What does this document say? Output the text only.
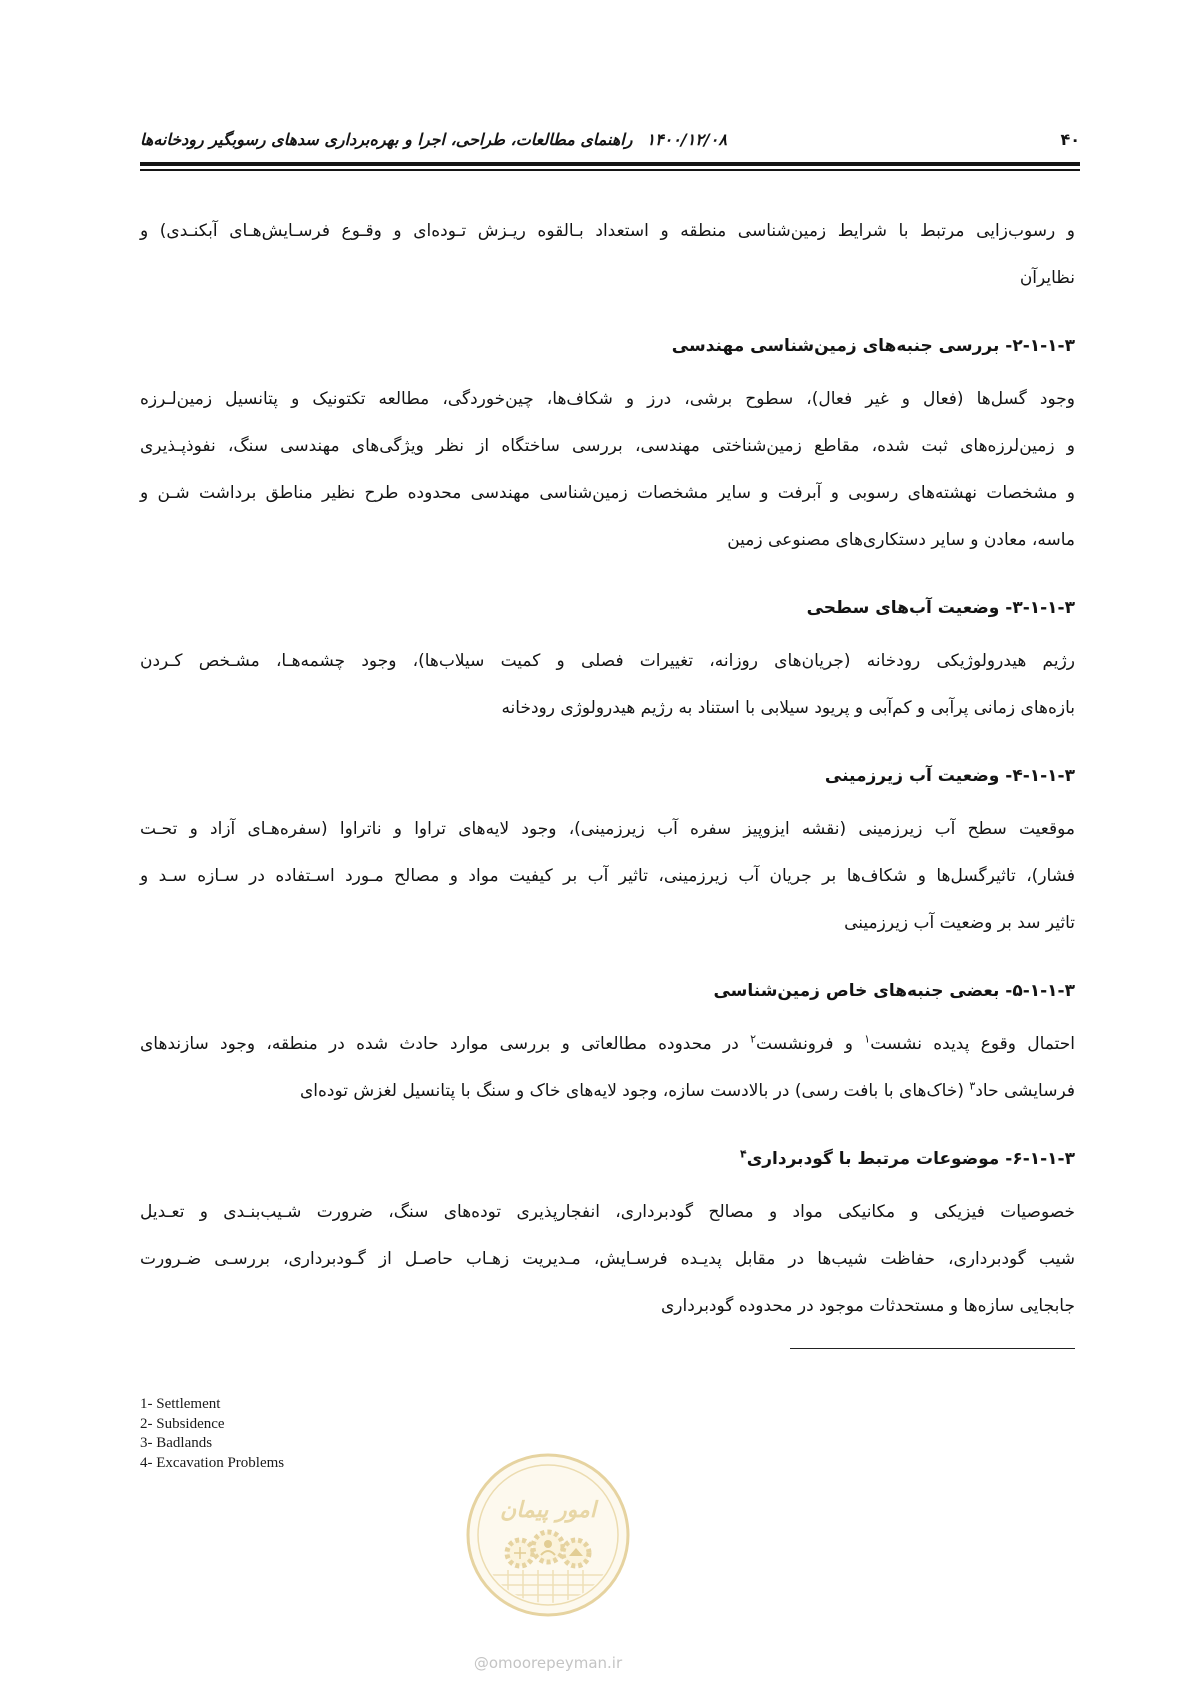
۴۰
۱۴۰۰/۱۲/۰۸راهنمای مطالعات، طراحی، اجرا و بهره‌برداری سدهای رسوبگیر رودخانه‌ها
و رسوب‌زایی مرتبط با شرایط زمین‌شناسی منطقه و استعداد بـالقوه ریـزش تـوده‌ای و وقـوع فرسـایش‌هـای آبکنـدی) و
نظایرآن
۳-۱-۱-۲- بررسی جنبه‌های زمین‌شناسی مهندسی
وجود گسل‌ها (فعال و غیر فعال)، سطوح برشی، درز و شکاف‌ها، چین‌خوردگی، مطالعه تکتونیک و پتانسیل زمین‌لـرزه
و زمین‌لرزه‌های ثبت شده، مقاطع زمین‌شناختی مهندسی، بررسی ساختگاه از نظر ویژگی‌های مهندسی سنگ، نفوذپـذیری
و مشخصات نهشته‌های رسوبی و آبرفت و سایر مشخصات زمین‌شناسی مهندسی محدوده طرح نظیر مناطق برداشت شـن و
ماسه، معادن و سایر دستکاری‌های مصنوعی زمین
۳-۱-۱-۳- وضعیت آب‌های سطحی
رژیم هیدرولوژیکی رودخانه (جریان‌های روزانه، تغییرات فصلی و کمیت سیلاب‌ها)، وجود چشمه‌هـا، مشـخص کـردن
بازه‌های زمانی پرآبی و کم‌آبی و پریود سیلابی با استناد به رژیم هیدرولوژی رودخانه
۳-۱-۱-۴- وضعیت آب زیرزمینی
موقعیت سطح آب زیرزمینی (نقشه ایزوپیز سفره آب زیرزمینی)، وجود لایه‌های تراوا و ناتراوا (سفره‌هـای آزاد و تحـت
فشار)، تاثیرگسل‌ها و شکاف‌ها بر جریان آب زیرزمینی، تاثیر آب بر کیفیت مواد و مصالح مـورد اسـتفاده در سـازه سـد و
تاثیر سد بر وضعیت آب زیرزمینی
۳-۱-۱-۵- بعضی جنبه‌های خاص زمین‌شناسی
احتمال وقوع پدیده نشست$^۱$ و فرونشست$^۲$ در محدوده مطالعاتی و بررسی موارد حادث شده در منطقه، وجود سازندهای
فرسایشی حاد$^۳$ (خاک‌های با بافت رسی) در بالادست سازه، وجود لایه‌های خاک و سنگ با پتانسیل لغزش توده‌ای
۳-۱-۱-۶- موضوعات مرتبط با گودبرداری$^۴$
خصوصیات فیزیکی و مکانیکی مواد و مصالح گودبرداری، انفجارپذیری توده‌های سنگ، ضرورت شـیب‌بنـدی و تعـدیل
شیب گودبرداری، حفاظت شیب‌ها در مقابل پدیـده فرسـایش، مـدیریت زهـاب حاصـل از گـودبرداری، بررسـی ضـرورت
جابجایی سازه‌ها و مستحدثات موجود در محدوده گودبرداری
1- Settlement
2- Subsidence
3- Badlands
4- Excavation Problems
امور پیمان
@omoorepeyman.ir
